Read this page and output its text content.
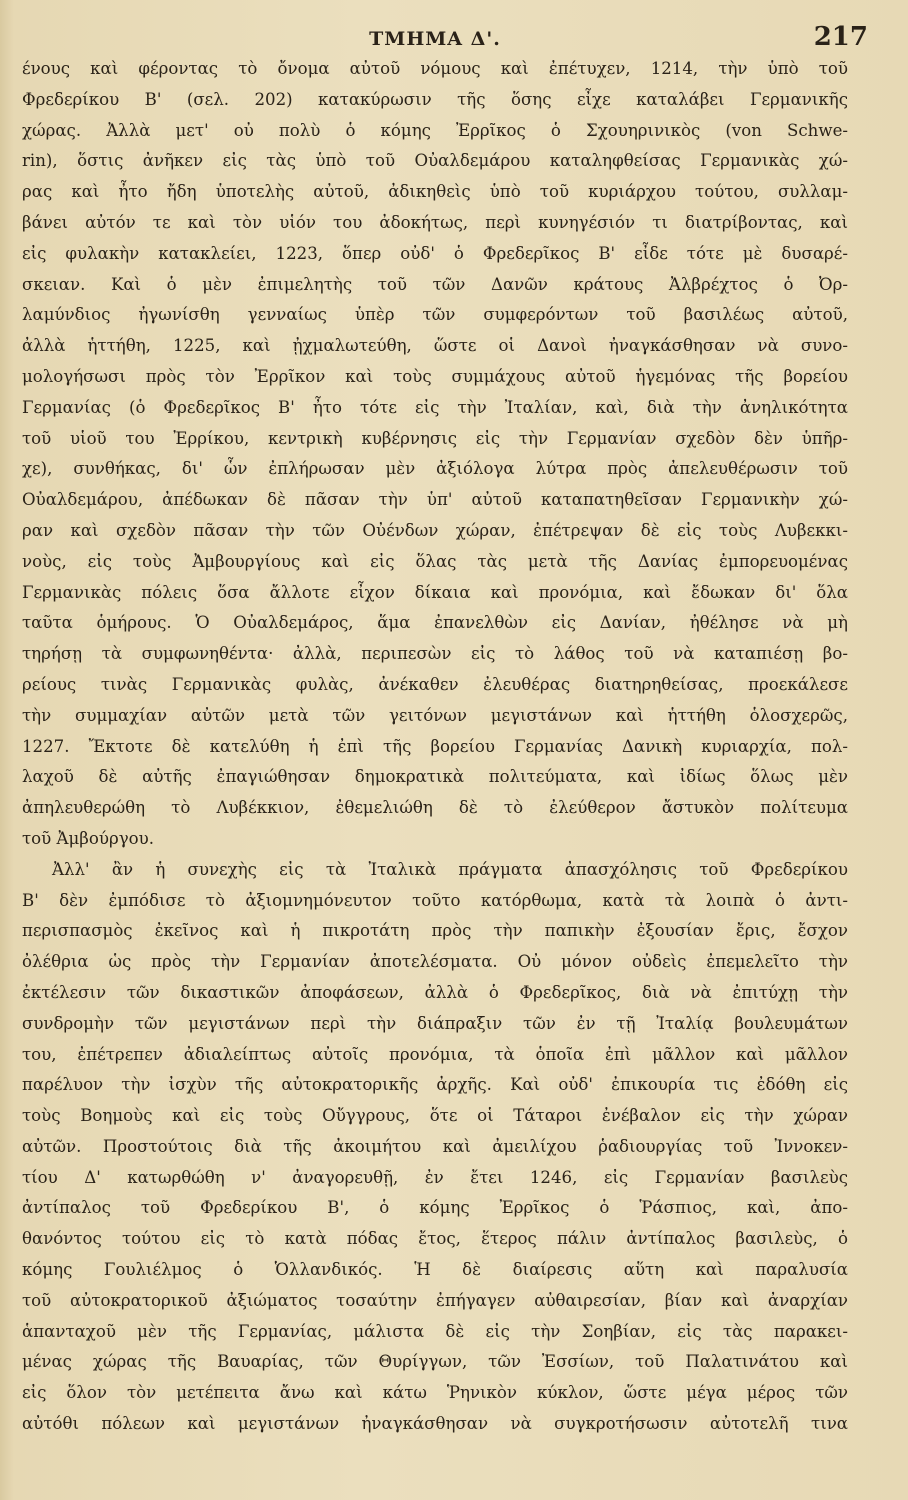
ΤΜΗΜΑ Δ'.	217
ένους καὶ φέροντας τὸ ὄνομα αὐτοῦ νόμους καὶ ἐπέτυχεν, 1214, τὴν ὑπὸ τοῦ
Φρεδερίκου Β' (σελ. 202) κατακύρωσιν τῆς ὅσης εἶχε καταλάβει Γερμανικῆς
χώρας. Ἀλλὰ μετ' οὐ πολὺ ὁ κόμης Ἐρρῖκος ὁ Σχουηρινικὸς (von Schwe-
rin), ὅστις ἀνῆκεν εἰς τὰς ὑπὸ τοῦ Οὐαλδεμάρου καταληφθείσας Γερμανικὰς χώ-
ρας καὶ ἦτο ἤδη ὑποτελὴς αὐτοῦ, ἀδικηθεὶς ὑπὸ τοῦ κυριάρχου τούτου, συλλαμ-
βάνει αὐτόν τε καὶ τὸν υἱόν του ἀδοκήτως, περὶ κυνηγέσιόν τι διατρίβοντας, καὶ
εἰς φυλακὴν κατακλείει, 1223, ὅπερ οὐδ' ὁ Φρεδερῖκος Β' εἶδε τότε μὲ δυσαρέ-
σκειαν. Καὶ ὁ μὲν ἐπιμελητὴς τοῦ τῶν Δανῶν κράτους Ἀλβρέχτος ὁ Ὀρ-
λαμύνδιος ἠγωνίσθη γενναίως ὑπὲρ τῶν συμφερόντων τοῦ βασιλέως αὐτοῦ,
ἀλλὰ ἡττήθη, 1225, καὶ ᾐχμαλωτεύθη, ὥστε οἱ Δανοὶ ἠναγκάσθησαν νὰ συνο-
μολογήσωσι πρὸς τὸν Ἐρρῖκον καὶ τοὺς συμμάχους αὐτοῦ ἡγεμόνας τῆς βορείου
Γερμανίας (ὁ Φρεδερῖκος Β' ἦτο τότε εἰς τὴν Ἰταλίαν, καὶ, διὰ τὴν ἀνηλικότητα
τοῦ υἱοῦ του Ἐρρίκου, κεντρικὴ κυβέρνησις εἰς τὴν Γερμανίαν σχεδὸν δὲν ὑπῆρ-
χε), συνθήκας, δι' ὧν ἐπλήρωσαν μὲν ἀξιόλογα λύτρα πρὸς ἀπελευθέρωσιν τοῦ
Οὐαλδεμάρου, ἀπέδωκαν δὲ πᾶσαν τὴν ὑπ' αὐτοῦ καταπατηθεῖσαν Γερμανικὴν χώ-
ραν καὶ σχεδὸν πᾶσαν τὴν τῶν Οὐένδων χώραν, ἐπέτρεψαν δὲ εἰς τοὺς Λυβεκκι-
νοὺς, εἰς τοὺς Ἀμβουργίους καὶ εἰς ὅλας τὰς μετὰ τῆς Δανίας ἐμπορευομένας
Γερμανικὰς πόλεις ὅσα ἄλλοτε εἶχον δίκαια καὶ προνόμια, καὶ ἔδωκαν δι' ὅλα
ταῦτα ὁμήρους. Ὁ Οὐαλδεμάρος, ἅμα ἐπανελθὼν εἰς Δανίαν, ἠθέλησε νὰ μὴ
τηρήσῃ τὰ συμφωνηθέντα· ἀλλὰ, περιπεσὼν εἰς τὸ λάθος τοῦ νὰ καταπιέσῃ βο-
ρείους τινὰς Γερμανικὰς φυλὰς, ἀνέκαθεν ἐλευθέρας διατηρηθείσας, προεκάλεσε
τὴν συμμαχίαν αὐτῶν μετὰ τῶν γειτόνων μεγιστάνων καὶ ἡττήθη ὁλοσχερῶς,
1227. Ἔκτοτε δὲ κατελύθη ἡ ἐπὶ τῆς βορείου Γερμανίας Δανικὴ κυριαρχία, πολ-
λαχοῦ δὲ αὐτῆς ἐπαγιώθησαν δημοκρατικὰ πολιτεύματα, καὶ ἰδίως ὅλως μὲν
ἀπηλευθερώθη τὸ Λυβέκκιον, ἐθεμελιώθη δὲ τὸ ἐλεύθερον ἄστυκὸν πολίτευμα
τοῦ Ἀμβούργου.
Ἀλλ' ἂν ἡ συνεχὴς εἰς τὰ Ἰταλικὰ πράγματα ἀπασχόλησις τοῦ Φρεδερίκου
Β' δὲν ἐμπόδισε τὸ ἀξιομνημόνευτον τοῦτο κατόρθωμα, κατὰ τὰ λοιπὰ ὁ ἀντι-
περισπασμὸς ἐκεῖνος καὶ ἡ πικροτάτη πρὸς τὴν παπικὴν ἐξουσίαν ἔρις, ἔσχον
ὀλέθρια ὡς πρὸς τὴν Γερμανίαν ἀποτελέσματα. Οὐ μόνον οὐδεὶς ἐπεμελεῖτο τὴν
ἐκτέλεσιν τῶν δικαστικῶν ἀποφάσεων, ἀλλὰ ὁ Φρεδερῖκος, διὰ νὰ ἐπιτύχῃ τὴν
συνδρομὴν τῶν μεγιστάνων περὶ τὴν διάπραξιν τῶν ἐν τῇ Ἰταλίᾳ βουλευμάτων
του, ἐπέτρεπεν ἀδιαλείπτως αὐτοῖς προνόμια, τὰ ὁποῖα ἐπὶ μᾶλλον καὶ μᾶλλον
παρέλυον τὴν ἰσχὺν τῆς αὐτοκρατορικῆς ἀρχῆς. Καὶ οὐδ' ἐπικουρία τις ἐδόθη εἰς
τοὺς Βοημοὺς καὶ εἰς τοὺς Οὔγγρους, ὅτε οἱ Τάταροι ἐνέβαλον εἰς τὴν χώραν
αὐτῶν. Προστούτοις διὰ τῆς ἀκοιμήτου καὶ ἀμειλίχου ῥαδιουργίας τοῦ Ἰννοκεν-
τίου Δ' κατωρθώθη ν' ἀναγορευθῇ, ἐν ἔτει 1246, εἰς Γερμανίαν βασιλεὺς
ἀντίπαλος τοῦ Φρεδερίκου Β', ὁ κόμης Ἐρρῖκος ὁ Ῥάσπιος, καὶ, ἀπο-
θανόντος τούτου εἰς τὸ κατὰ πόδας ἔτος, ἕτερος πάλιν ἀντίπαλος βασιλεὺς, ὁ
κόμης Γουλιέλμος ὁ Ὁλλανδικός. Ἡ δὲ διαίρεσις αὕτη καὶ παραλυσία
τοῦ αὐτοκρατορικοῦ ἀξιώματος τοσαύτην ἐπήγαγεν αὐθαιρεσίαν, βίαν καὶ ἀναρχίαν
ἁπανταχοῦ μὲν τῆς Γερμανίας, μάλιστα δὲ εἰς τὴν Σοηβίαν, εἰς τὰς παρακει-
μένας χώρας τῆς Βαυαρίας, τῶν Θυρίγγων, τῶν Ἐσσίων, τοῦ Παλατινάτου καὶ
εἰς ὅλον τὸν μετέπειτα ἄνω καὶ κάτω Ῥηνικὸν κύκλον, ὥστε μέγα μέρος τῶν
αὐτόθι πόλεων καὶ μεγιστάνων ἠναγκάσθησαν νὰ συγκροτήσωσιν αὐτοτελῆ τινα
